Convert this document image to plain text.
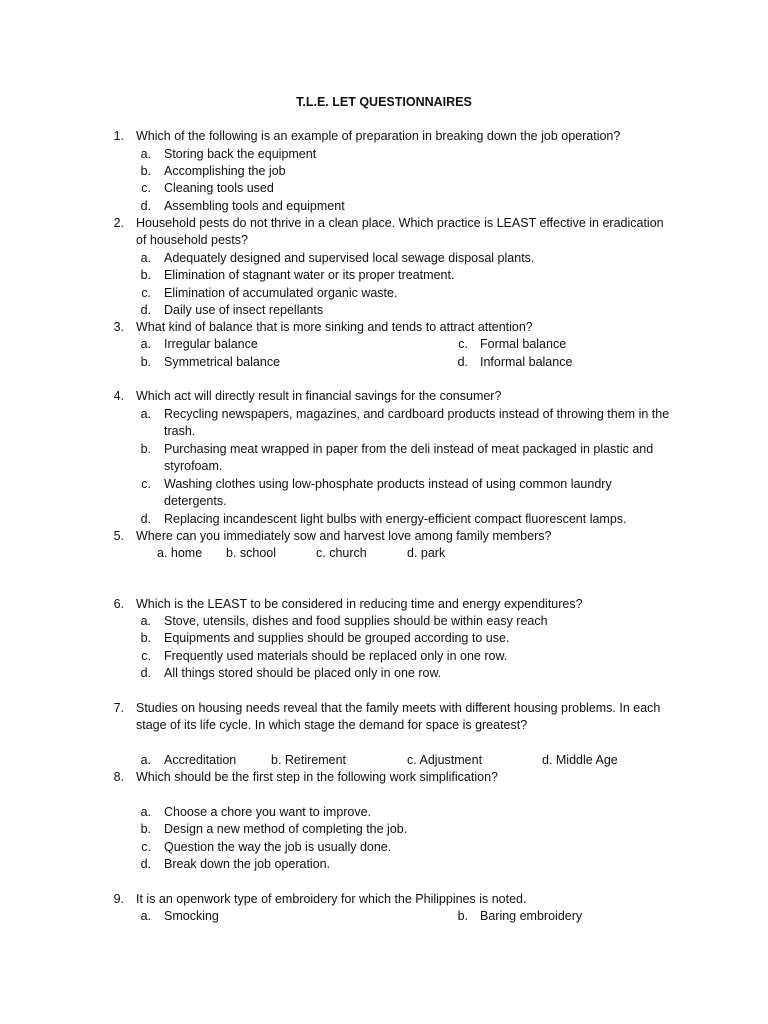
T.L.E. LET QUESTIONNAIRES
1. Which of the following is an example of preparation in breaking down the job operation?
a. Storing back the equipment
b. Accomplishing the job
c. Cleaning tools used
d. Assembling tools and equipment
2. Household pests do not thrive in a clean place. Which practice is LEAST effective in eradication
of household pests?
a. Adequately designed and supervised local sewage disposal plants.
b. Elimination of stagnant water or its proper treatment.
c. Elimination of accumulated organic waste.
d. Daily use of insect repellants
3. What kind of balance that is more sinking and tends to attract attention?
a. Irregular balance	c. Formal balance
b. Symmetrical balance	d. Informal balance
4. Which act will directly result in financial savings for the consumer?
a. Recycling newspapers, magazines, and cardboard products instead of throwing them in the
trash.
b. Purchasing meat wrapped in paper from the deli instead of meat packaged in plastic and
styrofoam.
c. Washing clothes using low-phosphate products instead of using common laundry
detergents.
d. Replacing incandescent light bulbs with energy-efficient compact fluorescent lamps.
5. Where can you immediately sow and harvest love among family members?
a. home b. school	c. church	d. park
6. Which is the LEAST to be considered in reducing time and energy expenditures?
a. Stove, utensils, dishes and food supplies should be within easy reach
b. Equipments and supplies should be grouped according to use.
c. Frequently used materials should be replaced only in one row.
d. All things stored should be placed only in one row.
7. Studies on housing needs reveal that the family meets with different housing problems. In each
stage of its life cycle. In which stage the demand for space is greatest?
a. Accreditation	b. Retirement	c. Adjustment	d. Middle Age
8. Which should be the first step in the following work simplification?
a. Choose a chore you want to improve.
b. Design a new method of completing the job.
c. Question the way the job is usually done.
d. Break down the job operation.
9. It is an openwork type of embroidery for which the Philippines is noted.
a. Smocking	b. Baring embroidery
